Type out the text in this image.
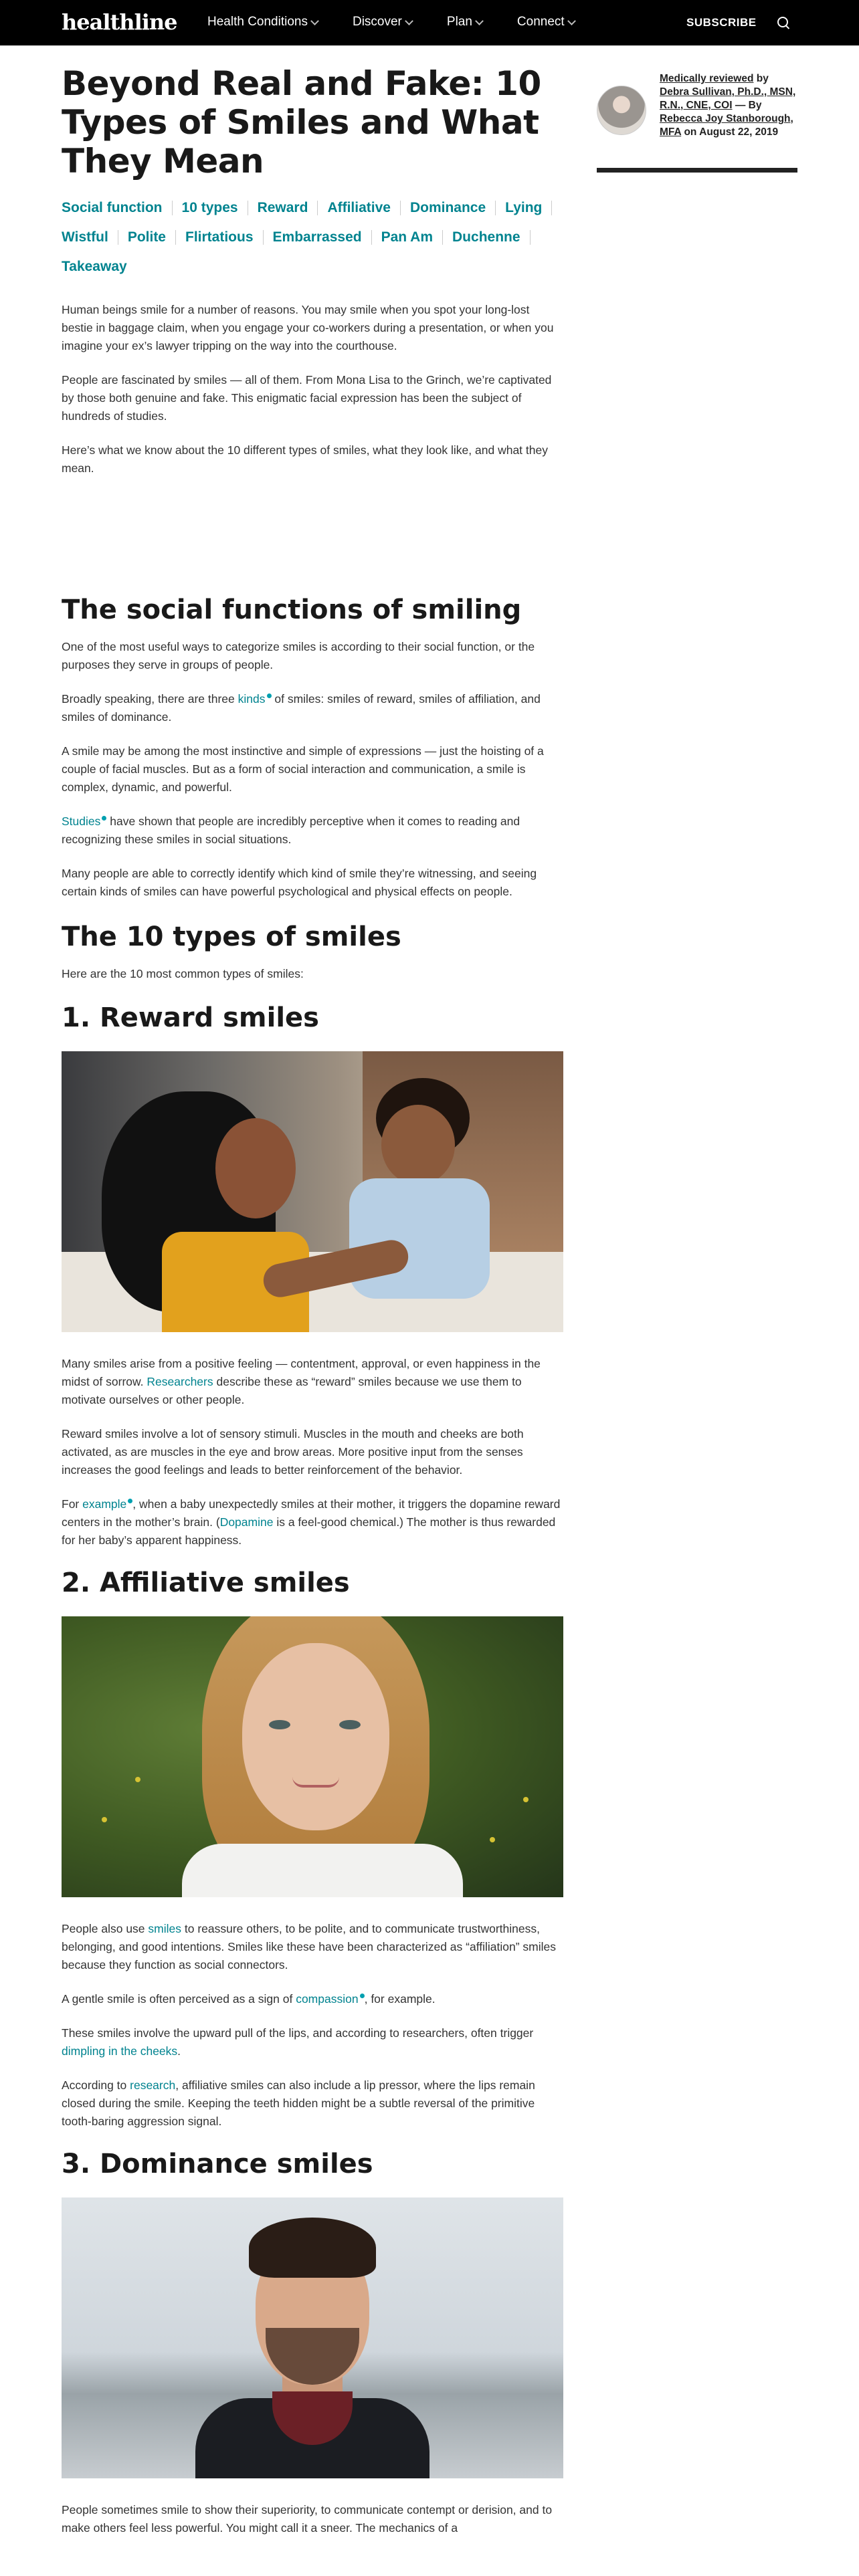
healthline Health Conditions	Discover	Plan	Connect	SUBSCRIBE
Medically reviewed by Debra Sullivan, Ph.D., MSN, R.N., CNE, COI — By Rebecca Joy Stanborough, MFA on August 22, 2019
Beyond Real and Fake: 10 Types of Smiles and What They Mean
Social function 10 types Reward Affiliative Dominance Lying
Wistful Polite Flirtatious Embarrassed Pan Am Duchenne
Takeaway

Human beings smile for a number of reasons. You may smile when you spot your long-lost bestie in baggage claim, when you engage your co-workers during a presentation, or when you imagine your ex’s lawyer tripping on the way into the courthouse.

People are fascinated by smiles — all of them. From Mona Lisa to the Grinch, we’re captivated by those both genuine and fake. This enigmatic facial expression has been the subject of hundreds of studies.

Here’s what we know about the 10 different types of smiles, what they look like, and what they mean.

The social functions of smiling

One of the most useful ways to categorize smiles is according to their social function, or the purposes they serve in groups of people.

Broadly speaking, there are three kinds of smiles: smiles of reward, smiles of affiliation, and smiles of dominance.

A smile may be among the most instinctive and simple of expressions — just the hoisting of a couple of facial muscles. But as a form of social interaction and communication, a smile is complex, dynamic, and powerful.

Studies have shown that people are incredibly perceptive when it comes to reading and recognizing these smiles in social situations.

Many people are able to correctly identify which kind of smile they’re witnessing, and seeing certain kinds of smiles can have powerful psychological and physical effects on people.

The 10 types of smiles

Here are the 10 most common types of smiles:

1. Reward smiles

Many smiles arise from a positive feeling — contentment, approval, or even happiness in the midst of sorrow. Researchers describe these as “reward” smiles because we use them to motivate ourselves or other people.

Reward smiles involve a lot of sensory stimuli. Muscles in the mouth and cheeks are both activated, as are muscles in the eye and brow areas. More positive input from the senses increases the good feelings and leads to better reinforcement of the behavior.

For example , when a baby unexpectedly smiles at their mother, it triggers the dopamine reward centers in the mother’s brain. (Dopamine is a feel-good chemical.) The mother is thus rewarded for her baby’s apparent happiness.

2. Affiliative smiles

People also use smiles to reassure others, to be polite, and to communicate trustworthiness, belonging, and good intentions. Smiles like these have been characterized as “affiliation” smiles because they function as social connectors.

A gentle smile is often perceived as a sign of compassion , for example.

These smiles involve the upward pull of the lips, and according to researchers, often trigger dimpling in the cheeks.

According to research, affiliative smiles can also include a lip pressor, where the lips remain closed during the smile. Keeping the teeth hidden might be a subtle reversal of the primitive tooth-baring aggression signal.

3. Dominance smiles

People sometimes smile to show their superiority, to communicate contempt or derision, and to make others feel less powerful. You might call it a sneer. The mechanics of a
